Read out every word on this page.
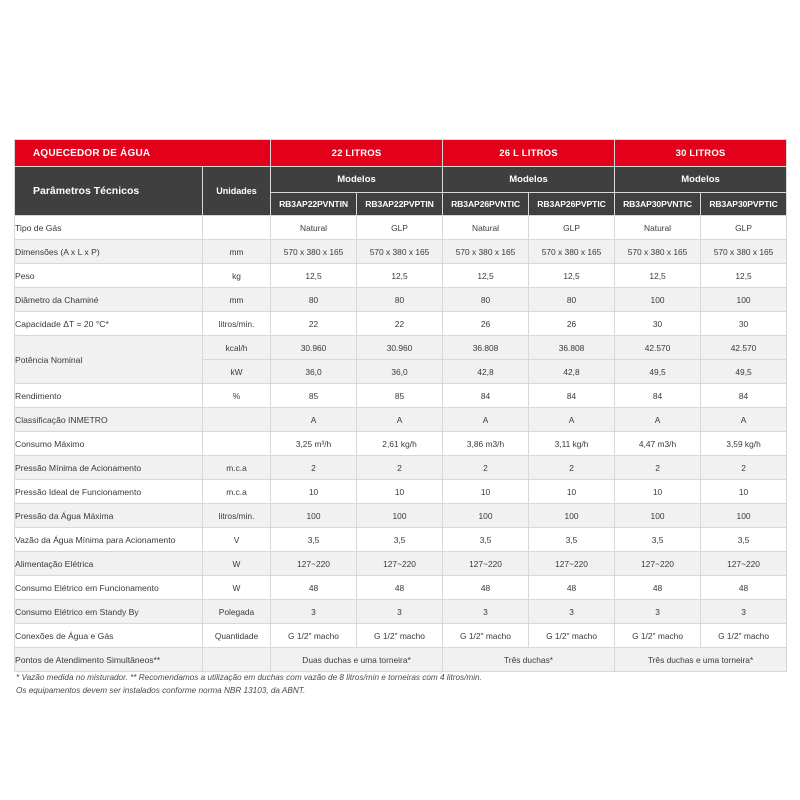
AQUECEDOR DE ÁGUA		22 LITROS		26 L LITROS		30 LITROS	
Parâmetros Técnicos	Unidades	Modelos		Modelos		Modelos	
		RB3AP22PVNTIN	RB3AP22PVPTIN	RB3AP26PVNTIC	RB3AP26PVPTIC	RB3AP30PVNTIC	RB3AP30PVPTIC
Tipo de Gás		Natural	GLP	Natural	GLP	Natural	GLP
Dimensões (A x L x P)	mm	570 x 380 x 165	570 x 380 x 165	570 x 380 x 165	570 x 380 x 165	570 x 380 x 165	570 x 380 x 165
Peso	kg	12,5	12,5	12,5	12,5	12,5	12,5
Diâmetro da Chaminé	mm	80	80	80	80	100	100
Capacidade ΔT = 20 °C*	litros/min.	22	22	26	26	30	30
Potência Nominal	kcal/h	30.960	30.960	36.808	36.808	42.570	42.570
	kW	36,0	36,0	42,8	42,8	49,5	49,5
Rendimento	%	85	85	84	84	84	84
Classificação INMETRO		A	A	A	A	A	A
Consumo Máximo		3,25 m³/h	2,61 kg/h	3,86 m3/h	3,11 kg/h	4,47 m3/h	3,59 kg/h
Pressão Mínima de Acionamento	m.c.a	2	2	2	2	2	2
Pressão Ideal de Funcionamento	m.c.a	10	10	10	10	10	10
Pressão da Água Máxima	litros/min.	100	100	100	100	100	100
Vazão da Água Mínima para Acionamento	V	3,5	3,5	3,5	3,5	3,5	3,5
Alimentação Elétrica	W	127~220	127~220	127~220	127~220	127~220	127~220
Consumo Elétrico em Funcionamento	W	48	48	48	48	48	48
Consumo Elétrico em Standy By	Polegada	3	3	3	3	3	3
Conexões de Água e Gás	Quantidade	G 1/2" macho	G 1/2" macho	G 1/2" macho	G 1/2" macho	G 1/2" macho	G 1/2" macho
Pontos de Atendimento Simultâneos**		Duas duchas e uma torneira*		Três duchas*		Três duchas e uma torneira*	
* Vazão medida no misturador. ** Recomendamos a utilização em duchas com vazão de 8 litros/min e torneiras com 4 litros/min.
Os equipamentos devem ser instalados conforme norma NBR 13103, da ABNT.
